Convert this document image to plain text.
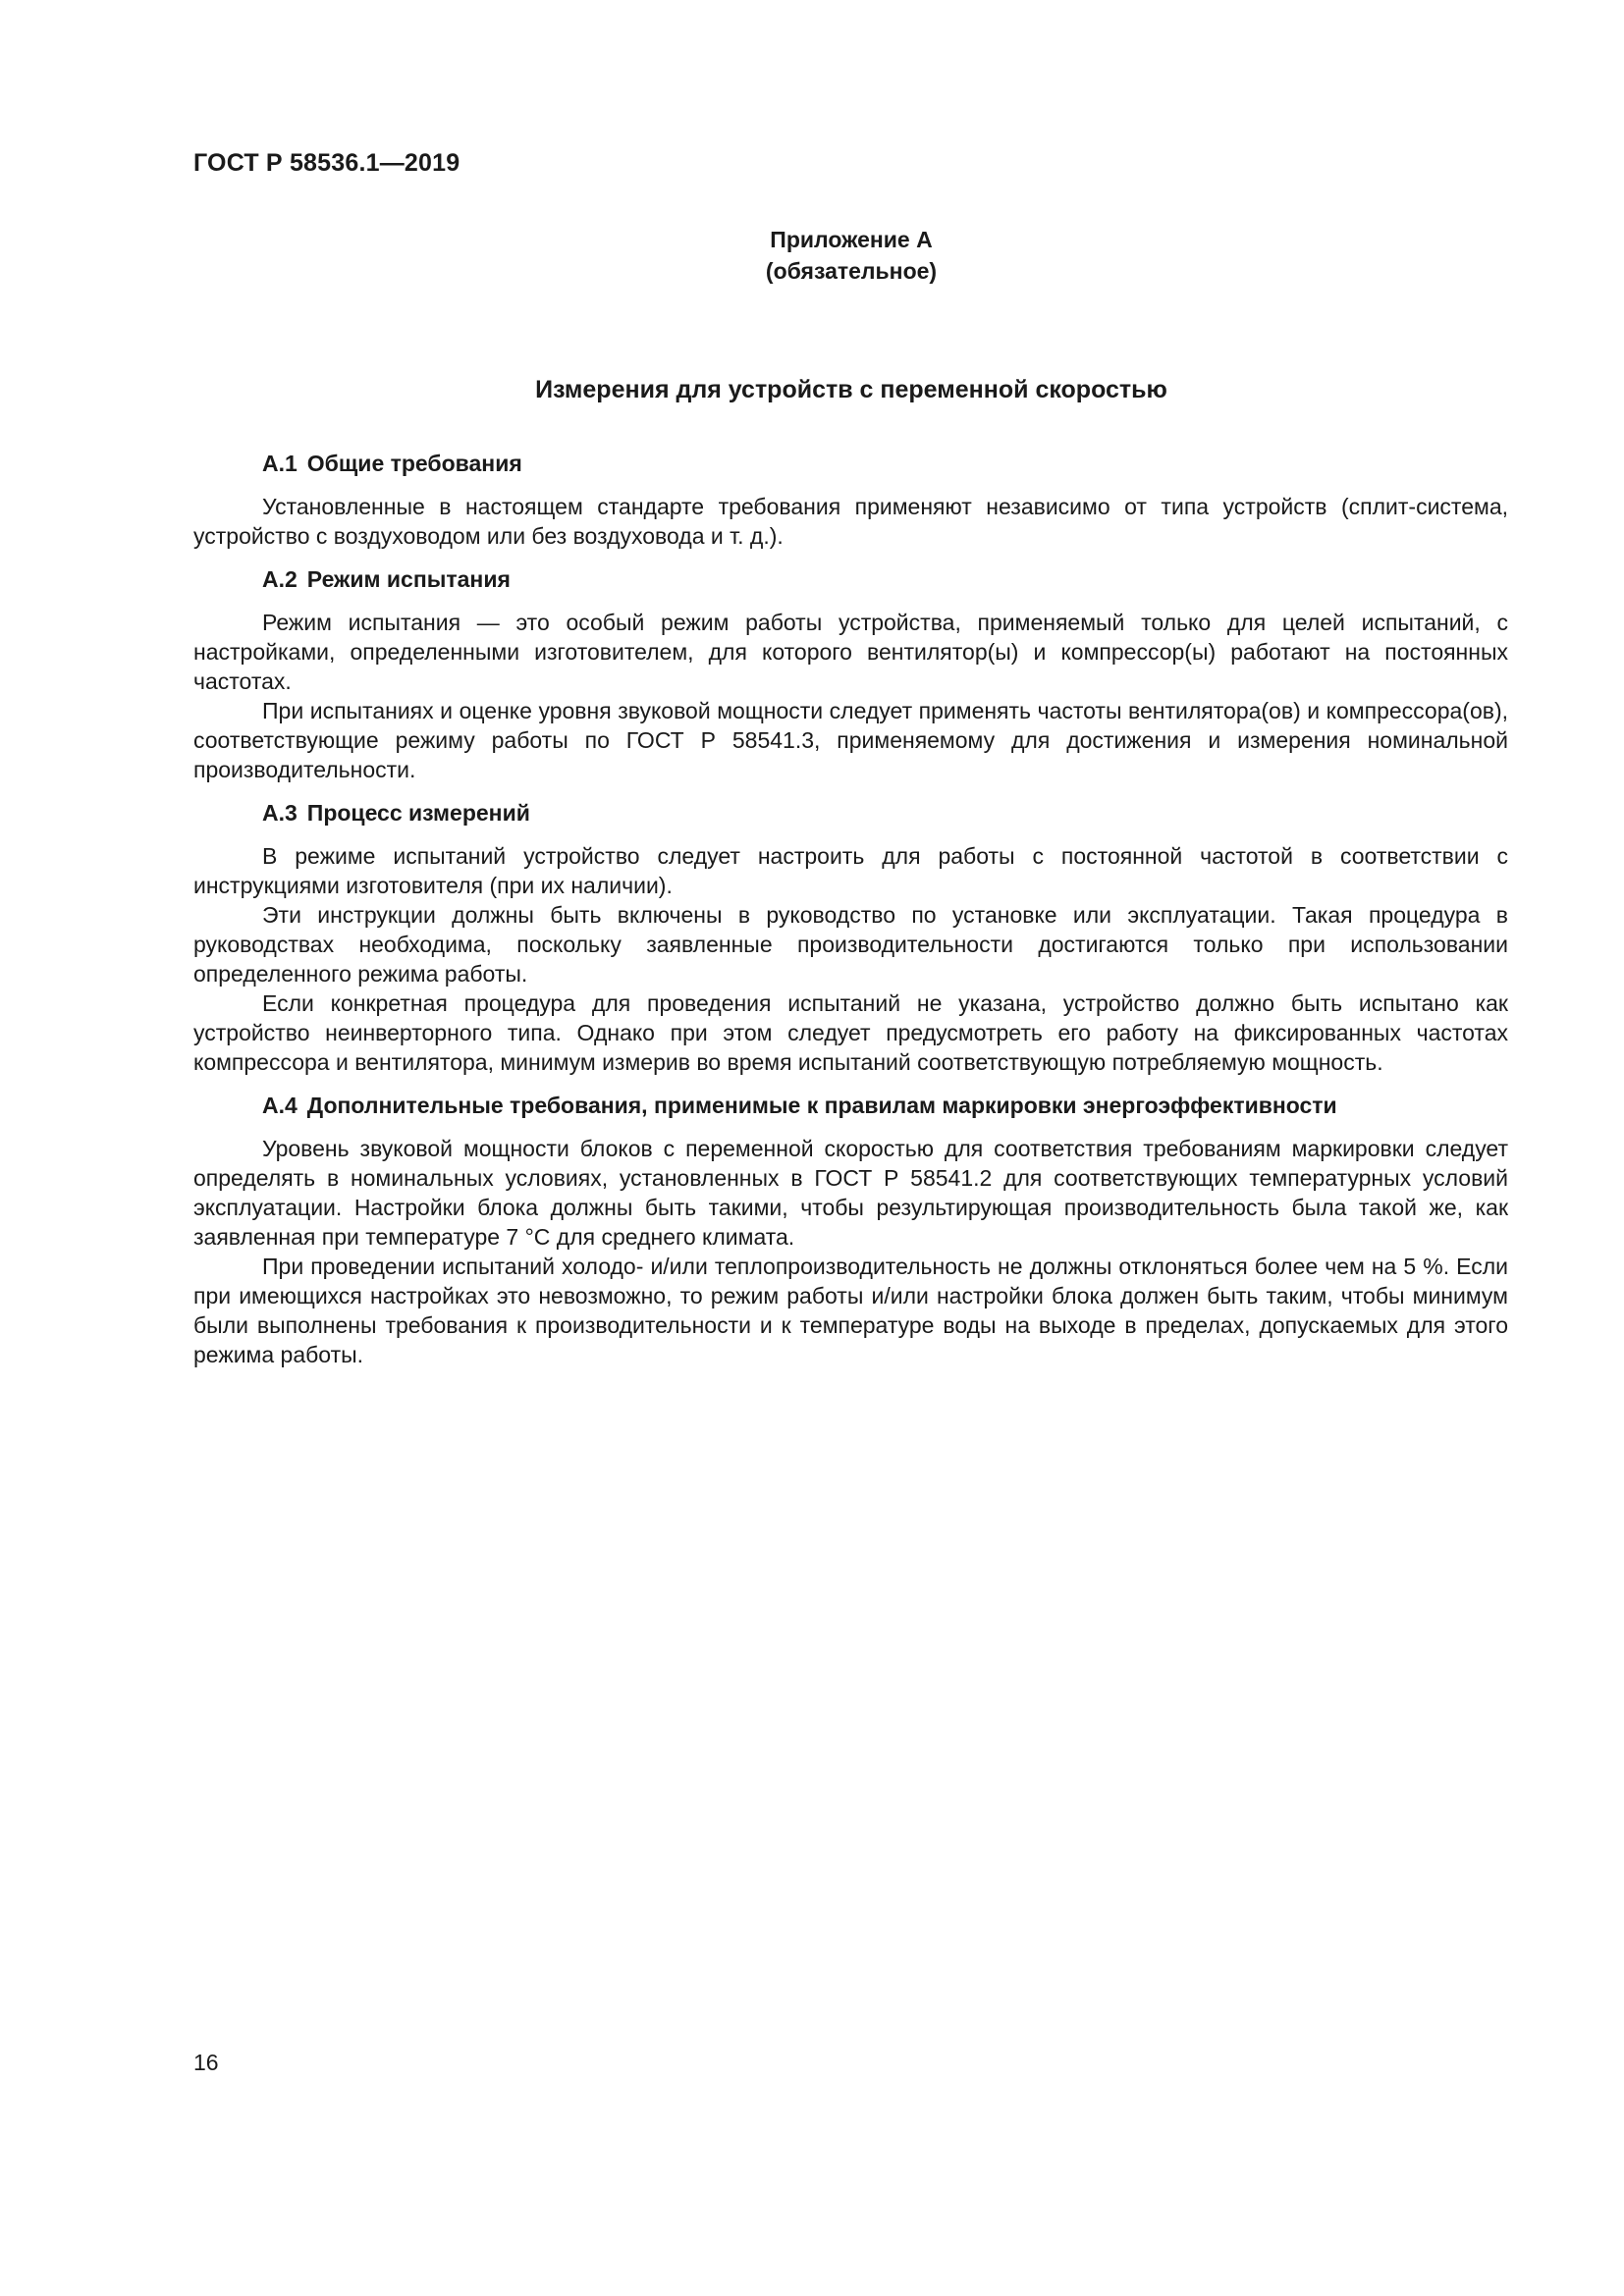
ГОСТ Р 58536.1—2019
Приложение А
(обязательное)
Измерения для устройств с переменной скоростью

А.1 Общие требования

Установленные в настоящем стандарте требования применяют независимо от типа устройств (сплит-система, устройство с воздуховодом или без воздуховода и т. д.).

А.2 Режим испытания

Режим испытания — это особый режим работы устройства, применяемый только для целей испытаний, с настройками, определенными изготовителем, для которого вентилятор(ы) и компрессор(ы) работают на постоянных частотах.

При испытаниях и оценке уровня звуковой мощности следует применять частоты вентилятора(ов) и компрессора(ов), соответствующие режиму работы по ГОСТ Р 58541.3, применяемому для достижения и измерения номинальной производительности.

А.3 Процесс измерений

В режиме испытаний устройство следует настроить для работы с постоянной частотой в соответствии с инструкциями изготовителя (при их наличии).

Эти инструкции должны быть включены в руководство по установке или эксплуатации. Такая процедура в руководствах необходима, поскольку заявленные производительности достигаются только при использовании определенного режима работы.

Если конкретная процедура для проведения испытаний не указана, устройство должно быть испытано как устройство неинверторного типа. Однако при этом следует предусмотреть его работу на фиксированных частотах компрессора и вентилятора, минимум измерив во время испытаний соответствующую потребляемую мощность.

А.4 Дополнительные требования, применимые к правилам маркировки энергоэффективности

Уровень звуковой мощности блоков с переменной скоростью для соответствия требованиям маркировки следует определять в номинальных условиях, установленных в ГОСТ Р 58541.2 для соответствующих температурных условий эксплуатации. Настройки блока должны быть такими, чтобы результирующая производительность была такой же, как заявленная при температуре 7 °С для среднего климата.

При проведении испытаний холодо- и/или теплопроизводительность не должны отклоняться более чем на 5 %. Если при имеющихся настройках это невозможно, то режим работы и/или настройки блока должен быть таким, чтобы минимум были выполнены требования к производительности и к температуре воды на выходе в пределах, допускаемых для этого режима работы.

16
